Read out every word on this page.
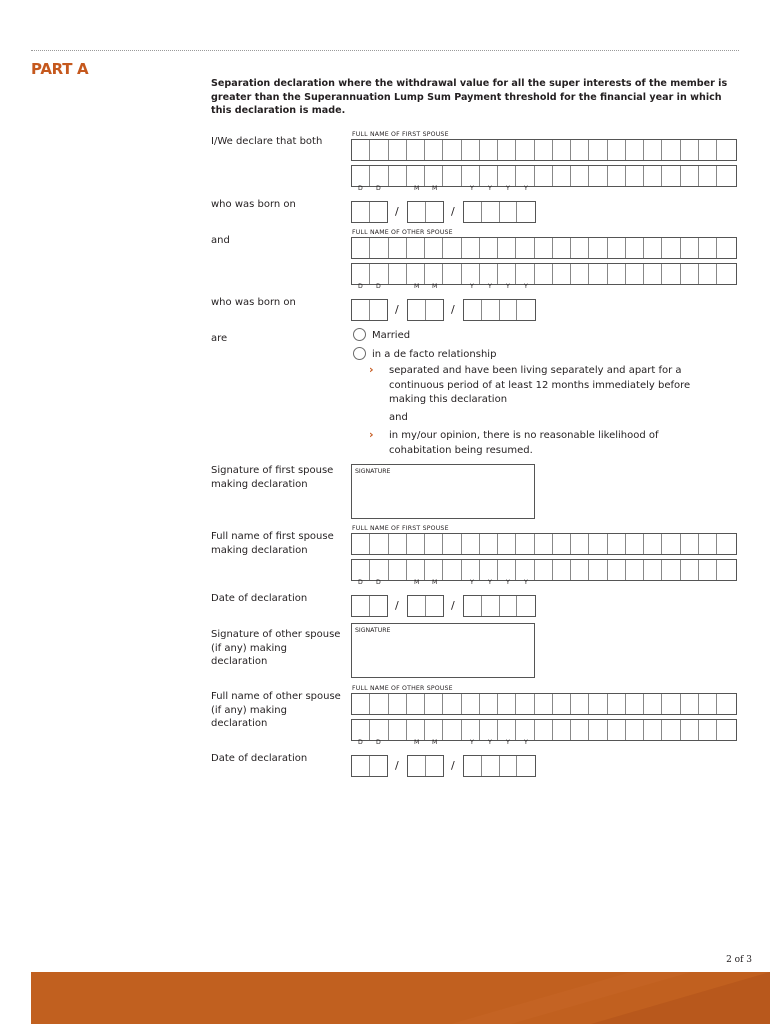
PART A
Separation declaration where the withdrawal value for all the super interests of the member is greater than the Superannuation Lump Sum Payment threshold for the financial year in which this declaration is made.
I/We declare that both
FULL NAME OF FIRST SPOUSE
who was born on
D D	M M	Y Y Y Y
/	/
and
FULL NAME OF OTHER SPOUSE
who was born on
D D	M M	Y Y Y Y
/	/
are	Married
in a de facto relationship
› separated and have been living separately and apart for a
continuous period of at least 12 months immediately before
making this declaration
and
› in my/our opinion, there is no reasonable likelihood of
cohabitation being resumed.
Signature of first spouse making declaration
SIGNATURE
Full name of first spouse making declaration
FULL NAME OF FIRST SPOUSE
Date of declaration
D D	M M	Y Y Y Y
/	/
Signature of other spouse (if any) making declaration
SIGNATURE
Full name of other spouse (if any) making declaration
FULL NAME OF OTHER SPOUSE
Date of declaration
D D	M M	Y Y Y Y
/	/
2 of 3
